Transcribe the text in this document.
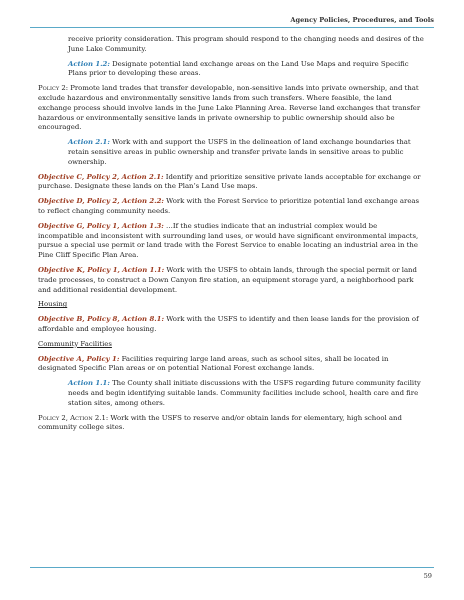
Agency Policies, Procedures, and Tools

receive priority consideration. This program should respond to the changing needs and desires of the June Lake Community.

Action 1.2: Designate potential land exchange areas on the Land Use Maps and require Specific Plans prior to developing these areas.

Policy 2: Promote land trades that transfer developable, non-sensitive lands into private ownership, and that exclude hazardous and environmentally sensitive lands from such transfers. Where feasible, the land exchange process should involve lands in the June Lake Planning Area. Reverse land exchanges that transfer hazardous or environmentally sensitive lands in private ownership to public ownership should also be encouraged.

Action 2.1: Work with and support the USFS in the delineation of land exchange boundaries that retain sensitive areas in public ownership and transfer private lands in sensitive areas to public ownership.

Objective C, Policy 2, Action 2.1: Identify and prioritize sensitive private lands acceptable for exchange or purchase. Designate these lands on the Plan’s Land Use maps.

Objective D, Policy 2, Action 2.2: Work with the Forest Service to prioritize potential land exchange areas to reflect changing community needs.

Objective G, Policy 1, Action 1.3: …If the studies indicate that an industrial complex would be incompatible and inconsistent with surrounding land uses, or would have significant environmental impacts, pursue a special use permit or land trade with the Forest Service to enable locating an industrial area in the Pine Cliff Specific Plan Area.

Objective K, Policy 1, Action 1.1: Work with the USFS to obtain lands, through the special permit or land trade processes, to construct a Down Canyon fire station, an equipment storage yard, a neighborhood park and additional residential development.

Housing

Objective B, Policy 8, Action 8.1: Work with the USFS to identify and then lease lands for the provision of affordable and employee housing.

Community Facilities

Objective A, Policy 1: Facilities requiring large land areas, such as school sites, shall be located in designated Specific Plan areas or on potential National Forest exchange lands.

Action 1.1: The County shall initiate discussions with the USFS regarding future community facility needs and begin identifying suitable lands. Community facilities include school, health care and fire station sites, among others.

Policy 2, Action 2.1: Work with the USFS to reserve and/or obtain lands for elementary, high school and community college sites.

59
